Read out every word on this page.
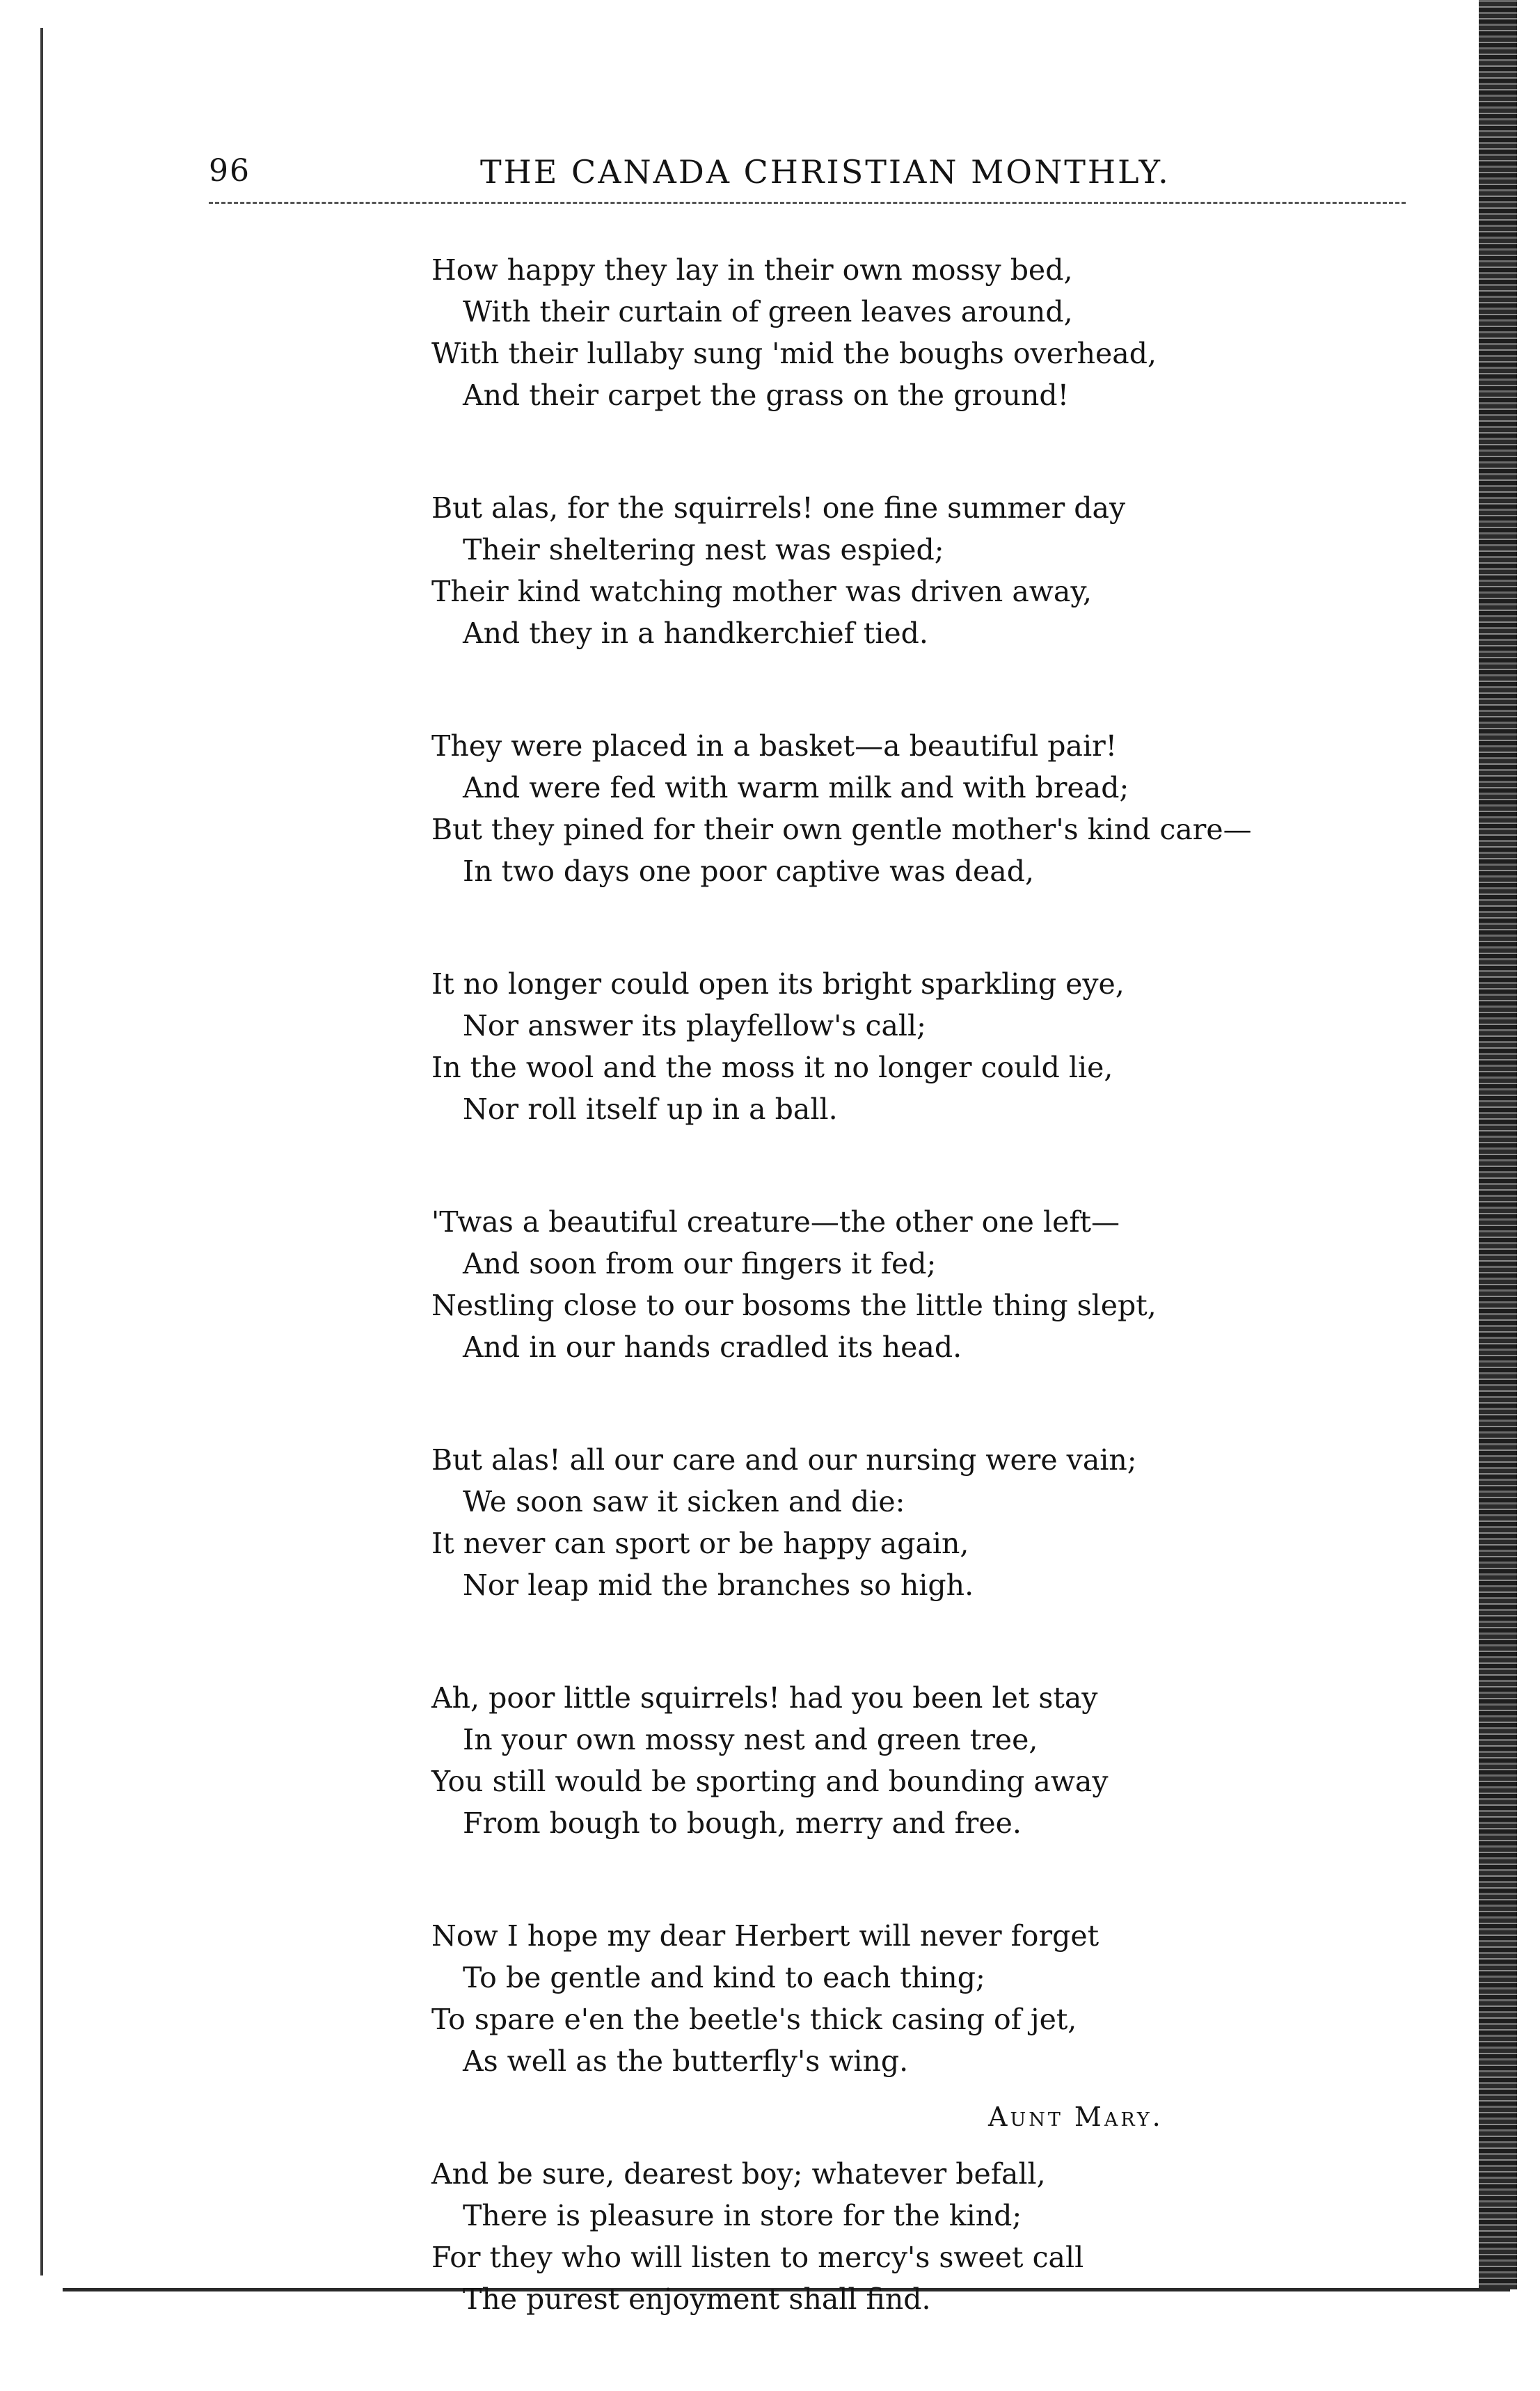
96	THE CANADA CHRISTIAN MONTHLY.
How happy they lay in their own mossy bed,
With their curtain of green leaves around,
With their lullaby sung 'mid the boughs overhead,
And their carpet the grass on the ground!
But alas, for the squirrels! one fine summer day
Their sheltering nest was espied;
Their kind watching mother was driven away,
And they in a handkerchief tied.
They were placed in a basket—a beautiful pair!
And were fed with warm milk and with bread;
But they pined for their own gentle mother's kind care—
In two days one poor captive was dead,
It no longer could open its bright sparkling eye,
Nor answer its playfellow's call;
In the wool and the moss it no longer could lie,
Nor roll itself up in a ball.
'Twas a beautiful creature—the other one left—
And soon from our fingers it fed;
Nestling close to our bosoms the little thing slept,
And in our hands cradled its head.
But alas! all our care and our nursing were vain;
We soon saw it sicken and die:
It never can sport or be happy again,
Nor leap mid the branches so high.
Ah, poor little squirrels! had you been let stay
In your own mossy nest and green tree,
You still would be sporting and bounding away
From bough to bough, merry and free.
Now I hope my dear Herbert will never forget
To be gentle and kind to each thing;
To spare e'en the beetle's thick casing of jet,
As well as the butterfly's wing.
And be sure, dearest boy; whatever befall,
There is pleasure in store for the kind;
For they who will listen to mercy's sweet call
The purest enjoyment shall find.
Aunt Mary.
